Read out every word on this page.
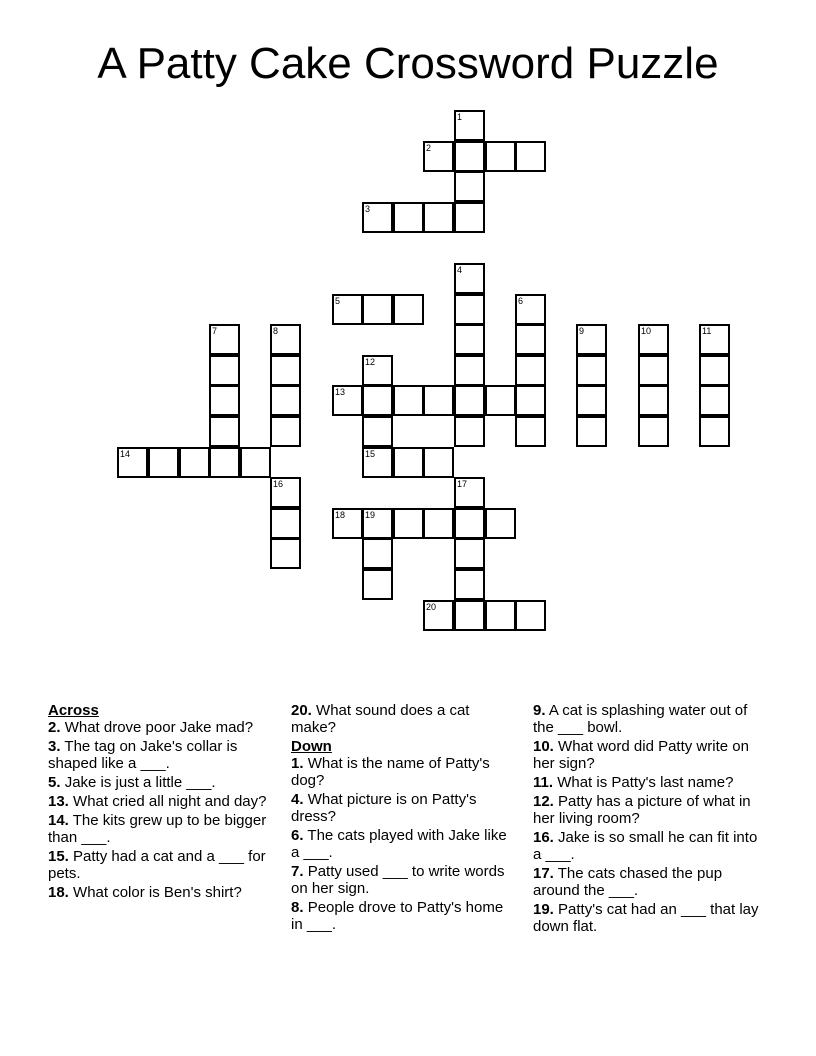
A Patty Cake Crossword Puzzle
1
2
3
4
5	6
7	8	9	10	11
12
13
14	15
16	17
18 19
20

Across

2. What drove poor Jake mad?

3. The tag on Jake's collar is shaped like a ___.

5. Jake is just a little ___.

13. What cried all night and day?

14. The kits grew up to be bigger than ___.

15. Patty had a cat and a ___ for pets.

18. What color is Ben's shirt?

20. What sound does a cat make?

Down

1. What is the name of Patty's dog?

4. What picture is on Patty's dress?

6. The cats played with Jake like a ___.

7. Patty used ___ to write words on her sign.

8. People drove to Patty's home in ___.

9. A cat is splashing water out of the ___ bowl.

10. What word did Patty write on her sign?

11. What is Patty's last name?

12. Patty has a picture of what in her living room?

16. Jake is so small he can fit into a ___.

17. The cats chased the pup around the ___.

19. Patty's cat had an ___ that lay down flat.
